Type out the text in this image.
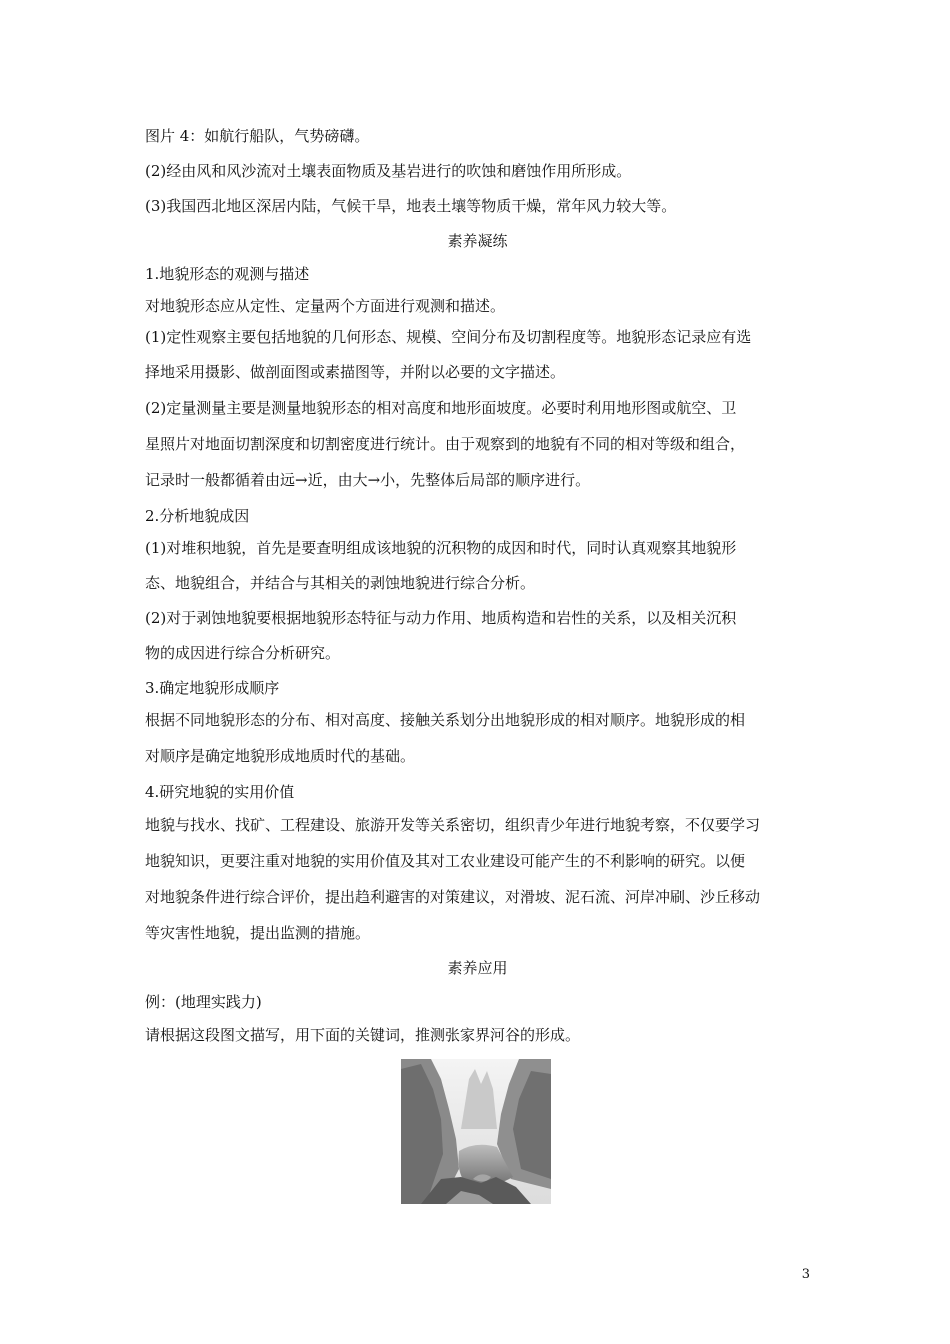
图片 4：如航行船队，气势磅礴。
(2)经由风和风沙流对土壤表面物质及基岩进行的吹蚀和磨蚀作用所形成。
(3)我国西北地区深居内陆，气候干旱，地表土壤等物质干燥，常年风力较大等。
素养凝练
1.地貌形态的观测与描述
对地貌形态应从定性、定量两个方面进行观测和描述。
(1)定性观察主要包括地貌的几何形态、规模、空间分布及切割程度等。地貌形态记录应有选
择地采用摄影、做剖面图或素描图等，并附以必要的文字描述。
(2)定量测量主要是测量地貌形态的相对高度和地形面坡度。必要时利用地形图或航空、卫
星照片对地面切割深度和切割密度进行统计。由于观察到的地貌有不同的相对等级和组合，
记录时一般都循着由远→近，由大→小，先整体后局部的顺序进行。
2.分析地貌成因
(1)对堆积地貌，首先是要查明组成该地貌的沉积物的成因和时代，同时认真观察其地貌形
态、地貌组合，并结合与其相关的剥蚀地貌进行综合分析。
(2)对于剥蚀地貌要根据地貌形态特征与动力作用、地质构造和岩性的关系，以及相关沉积
物的成因进行综合分析研究。
3.确定地貌形成顺序
根据不同地貌形态的分布、相对高度、接触关系划分出地貌形成的相对顺序。地貌形成的相
对顺序是确定地貌形成地质时代的基础。
4.研究地貌的实用价值
地貌与找水、找矿、工程建设、旅游开发等关系密切，组织青少年进行地貌考察，不仅要学习
地貌知识，更要注重对地貌的实用价值及其对工农业建设可能产生的不利影响的研究。以便
对地貌条件进行综合评价，提出趋利避害的对策建议，对滑坡、泥石流、河岸冲刷、沙丘移动
等灾害性地貌，提出监测的措施。
素养应用
例：(地理实践力)
请根据这段图文描写，用下面的关键词，推测张家界河谷的形成。
3
